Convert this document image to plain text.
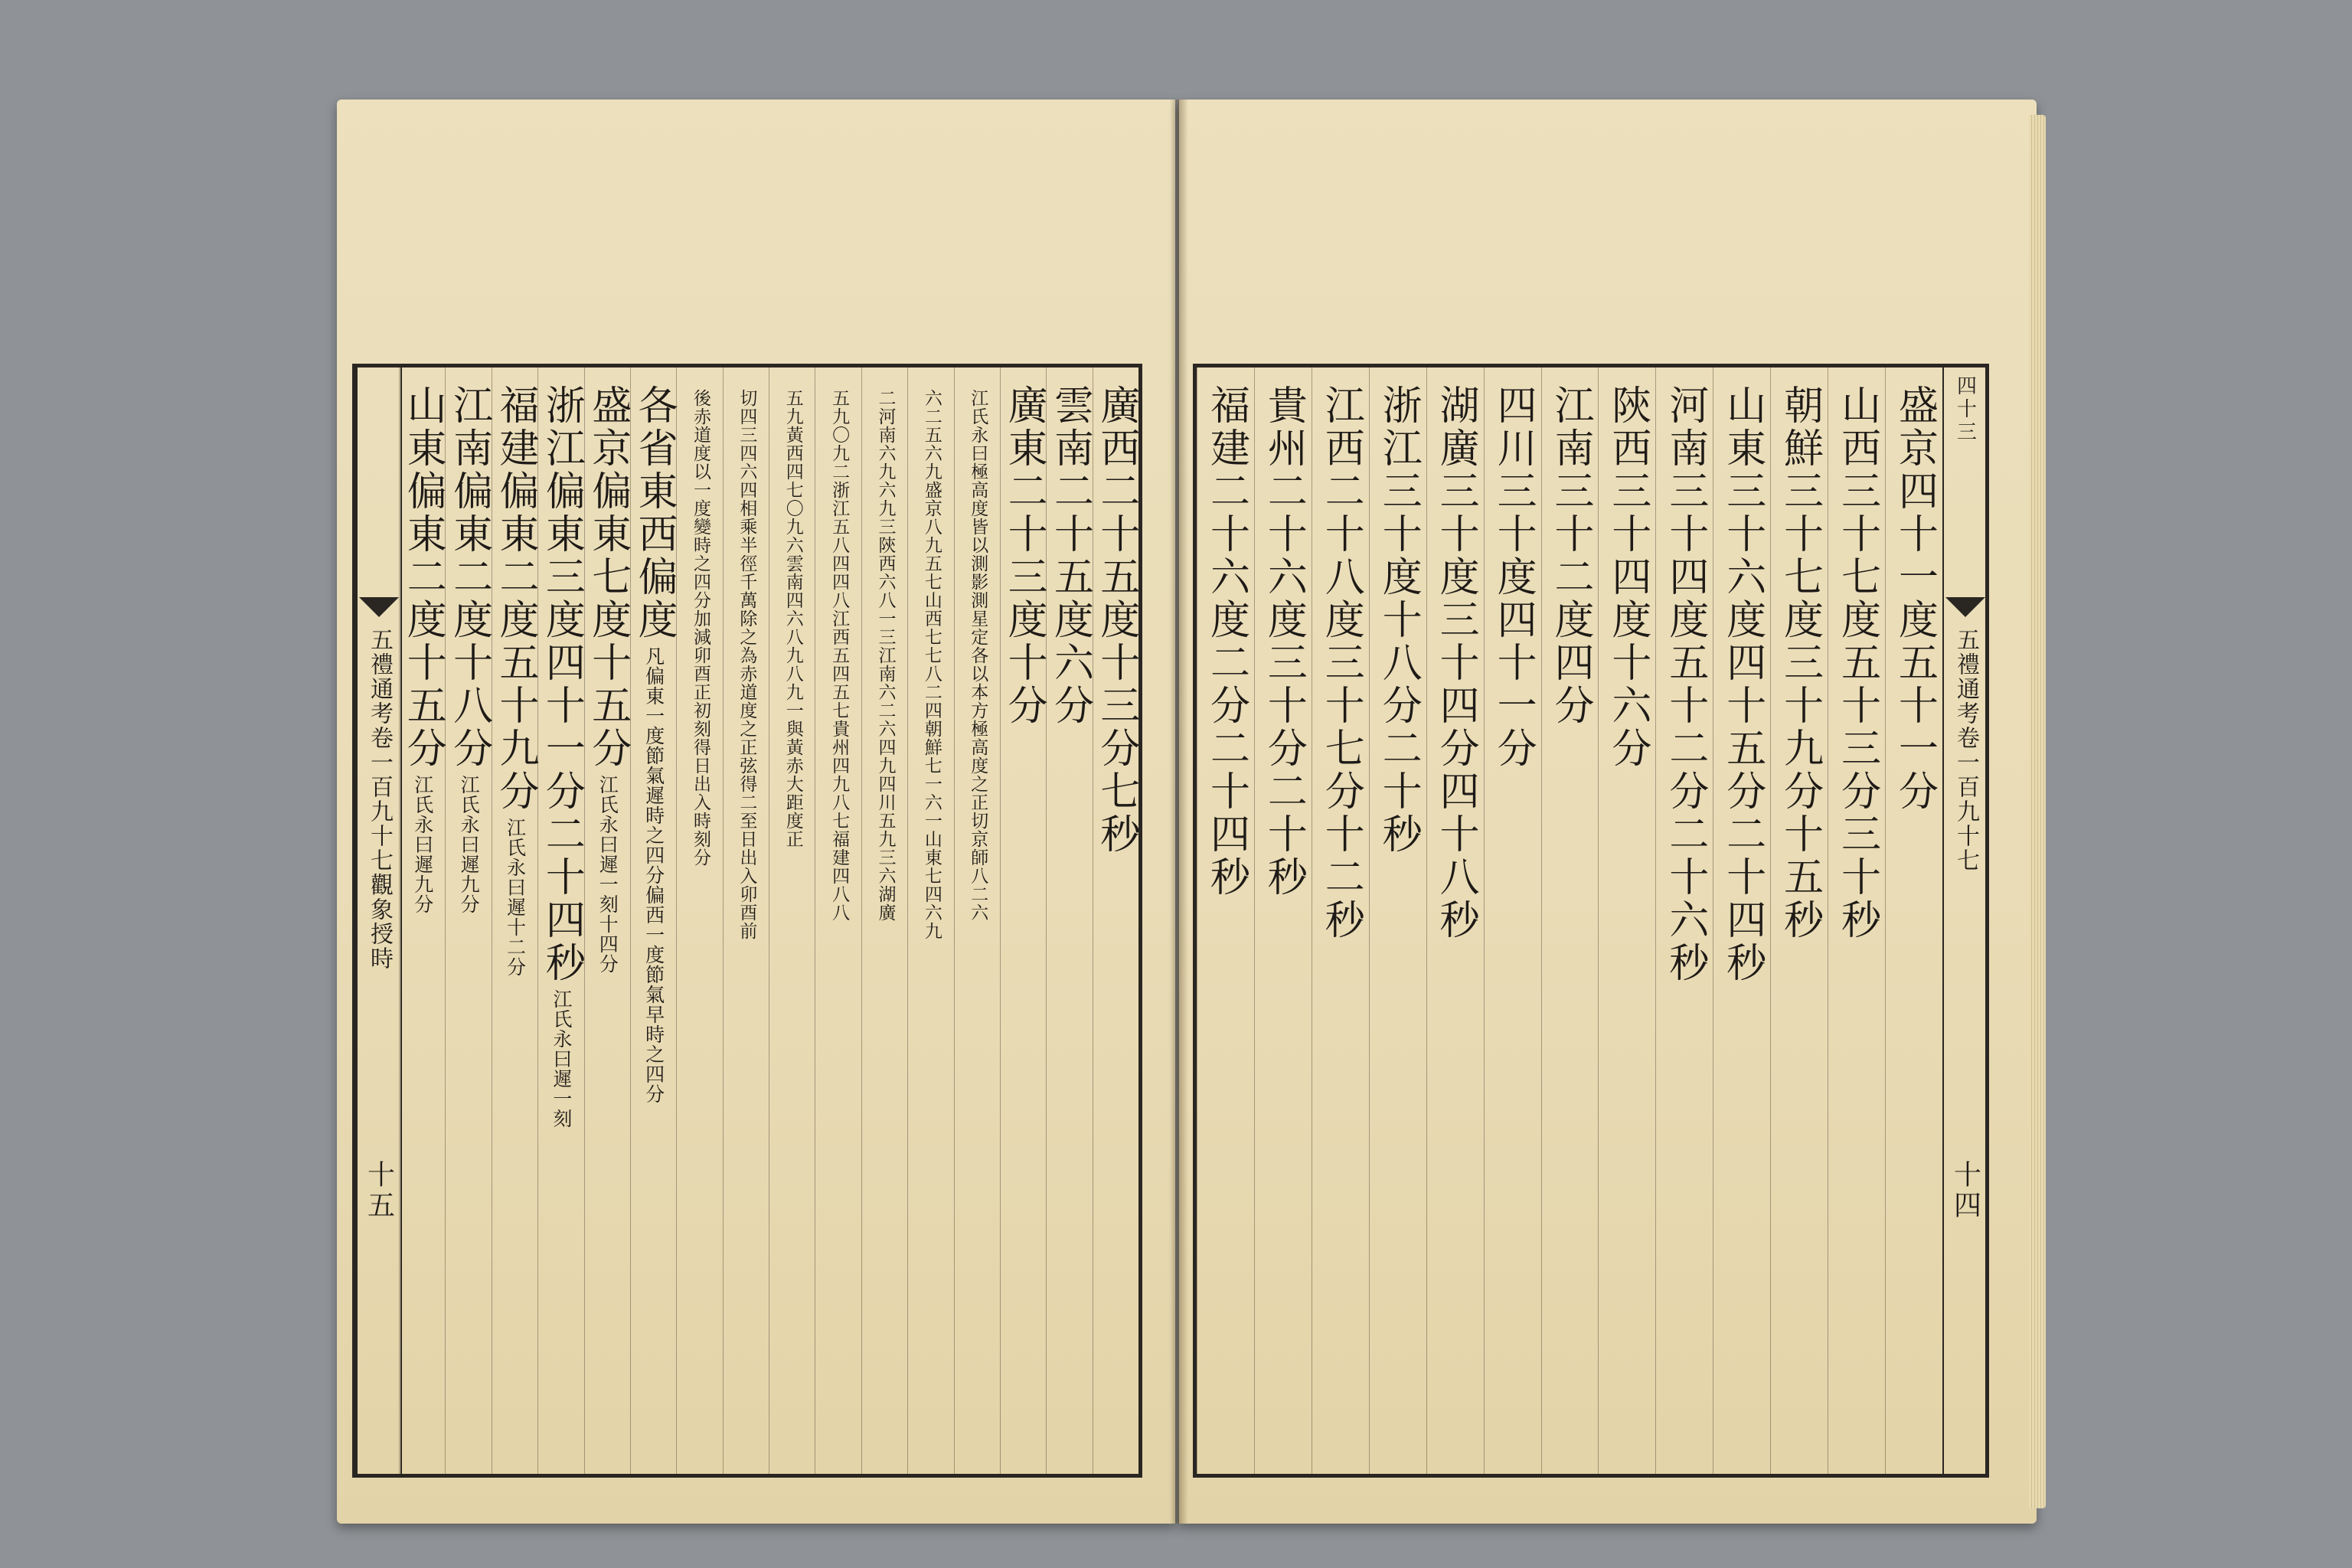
五禮通考卷一百九十七觀象授時
十五
山東偏東二度十五分
江氏永曰遲九分
江南偏東二度十八分
江氏永曰遲九分
福建偏東二度五十九分
江氏永曰遲十二分 浙江偏東三度四十一分二十四秒
江氏永曰遲一刻
盛京偏東七度十五分
江氏永曰遲一刻十四分
各省東西偏度
凡偏東一度節氣遲時之四分偏西一度節氣早時之四分
後赤道度以一度變時之四分加減卯酉正初刻得日出入時刻分 切四三四六四相乘半徑千萬除之為赤道度之正弦得二至日出入卯酉前 五九黃西四七〇九六雲南四六八九八九一與黃赤大距度正 五九〇九二浙江五八四四八江西五四五七貴州四九八七福建四八八 二河南六九六九三陝西六八一三江南六二六四九四川五九三六湖廣 六二五六九盛京八九五七山西七七八二四朝鮮七一六一山東七四六九 江氏永曰極高度皆以測影測星定各以本方極高度之正切京師八二六 廣東二十三度十分 雲南二十五度六分 廣西二十五度十三分七秒	四十三
五禮通考卷一百九十七
十四
盛京四十一度五十一分
山西三十七度五十三分三十秒
朝鮮三十七度三十九分十五秒
山東三十六度四十五分二十四秒
河南三十四度五十二分二十六秒
陝西三十四度十六分
江南三十二度四分
四川三十度四十一分
湖廣三十度三十四分四十八秒
浙江三十度十八分二十秒
江西二十八度三十七分十二秒
貴州二十六度三十分二十秒
福建二十六度二分二十四秒
